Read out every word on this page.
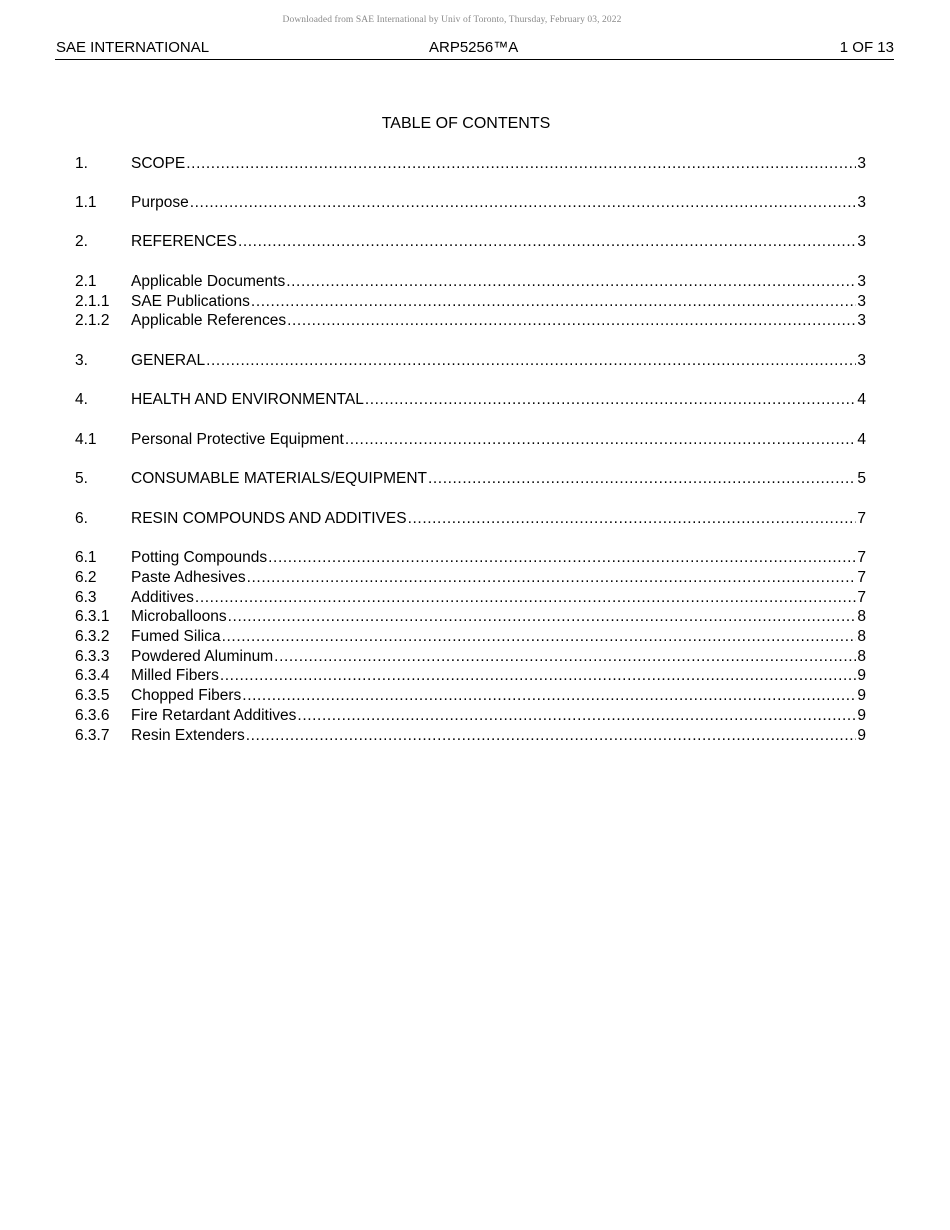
Downloaded from SAE International by Univ of Toronto, Thursday, February 03, 2022
SAE INTERNATIONAL	ARP5256™A	1 OF 13
TABLE OF CONTENTS
1.	SCOPE .....	3
1.1 Purpose .....	3
2.	REFERENCES .....	3
2.1 Applicable Documents .....	3
2.1.1 SAE Publications .....	3
2.1.2 Applicable References .....	3
3.	GENERAL .....	3
4.	HEALTH AND ENVIRONMENTAL .....	4
4.1 Personal Protective Equipment .....	4
5.	CONSUMABLE MATERIALS/EQUIPMENT .....	5
6.	RESIN COMPOUNDS AND ADDITIVES .....	7
6.1 Potting Compounds .....	7
6.2 Paste Adhesives .....	7
6.3 Additives .....	7
6.3.1 Microballoons .....	8
6.3.2 Fumed Silica .....	8
6.3.3 Powdered Aluminum .....	8
6.3.4 Milled Fibers .....	9
6.3.5 Chopped Fibers .....	9
6.3.6 Fire Retardant Additives .....	9
6.3.7 Resin Extenders .....	9
